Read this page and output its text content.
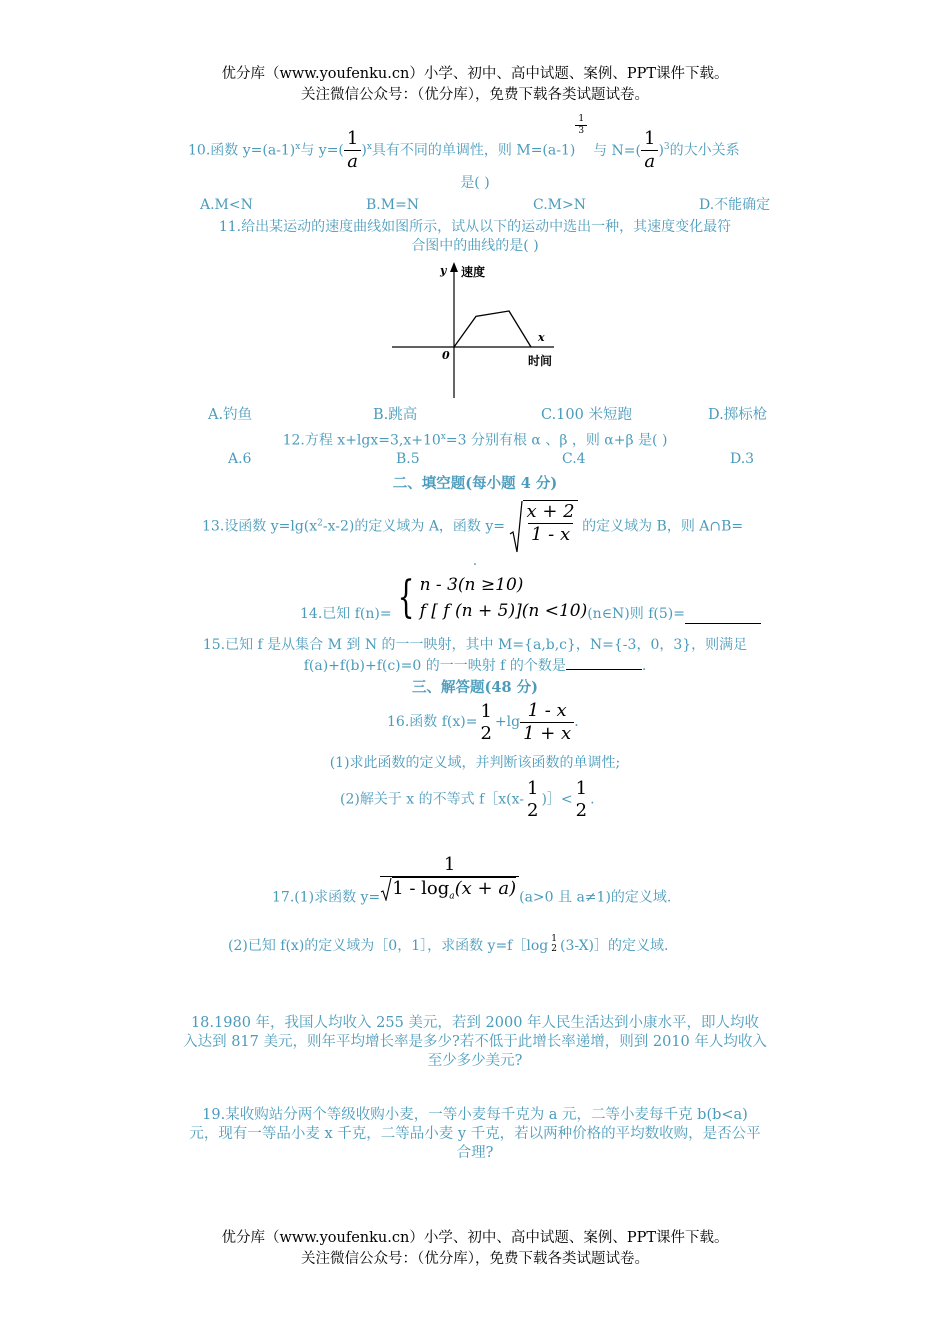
优分库（www.youfenku.cn）小学、初中、高中试题、案例、PPT课件下载。
关注微信公众号：（优分库），免费下载各类试题试卷。
10.函数 $y=(a-1)^x$与 $y=( \frac{1}{a} )^x$具有不同的单调性，则 M=(a-1)
$\frac{1}{3}$
与 $N=( \frac{1}{a} )^3$的大小关系
是( )
A.M<N	B.M=N	C.M>N	D.不能确定
11.给出某运动的速度曲线如图所示，试从以下的运动中选出一种，其速度变化最符
合图中的曲线的是( )
y 速度
x
时间
0
A.钓鱼	B.跳高	C.100 米短跑	D.掷标枪
12.方程 $x+\lg x=3,x+10^x=3$ 分别有根 α 、β ，则 α+β 是( )
A.6	B.5	C.4	D.3
二、填空题(每小题 4 分)
13.设函数 $y=\lg(x^2-x-2)$的定义域为 A，函数 $y= \frac{x + 2}{1 - x}$ 的定义域为 B，则 A∩B=
.
14.已知 f(n)= { n - 3(n ≥10)
f [ f (n + 5)](n <10) (n∈N)则 f(5)=
15.已知 f 是从集合 M 到 N 的一一映射，其中 M={a,b,c}，N={-3，0，3}，则满足
f(a)+f(b)+f(c)=0 的一一映射 f 的个数是	.
三、解答题(48 分)
16.函数 f(x)=
1
2
$+\lg \frac{1 - x}{1 + x}$ .
(1)求此函数的定义域，并判断该函数的单调性;
(2)解关于 x 的不等式 f［x(x-
1
2
)］<
1
2
.
17.(1)求函数 $y= \frac{1}{1 - \log_a(x + a)} (a>0$ 且 a≠1)的定义域.
(2)已知 f(x)的定义域为［0，1］，求函数 y=f［log 1
2 (3-X)］的定义域.
18.1980 年，我国人均收入 255 美元，若到 2000 年人民生活达到小康水平，即人均收
入达到 817 美元，则年平均增长率是多少?若不低于此增长率递增，则到 2010 年人均收入
至少多少美元?
19.某收购站分两个等级收购小麦，一等小麦每千克为 a 元，二等小麦每千克 b(b<a)
元，现有一等品小麦 x 千克，二等品小麦 y 千克，若以两种价格的平均数收购，是否公平
合理?
优分库（www.youfenku.cn）小学、初中、高中试题、案例、PPT课件下载。
关注微信公众号：（优分库），免费下载各类试题试卷。
